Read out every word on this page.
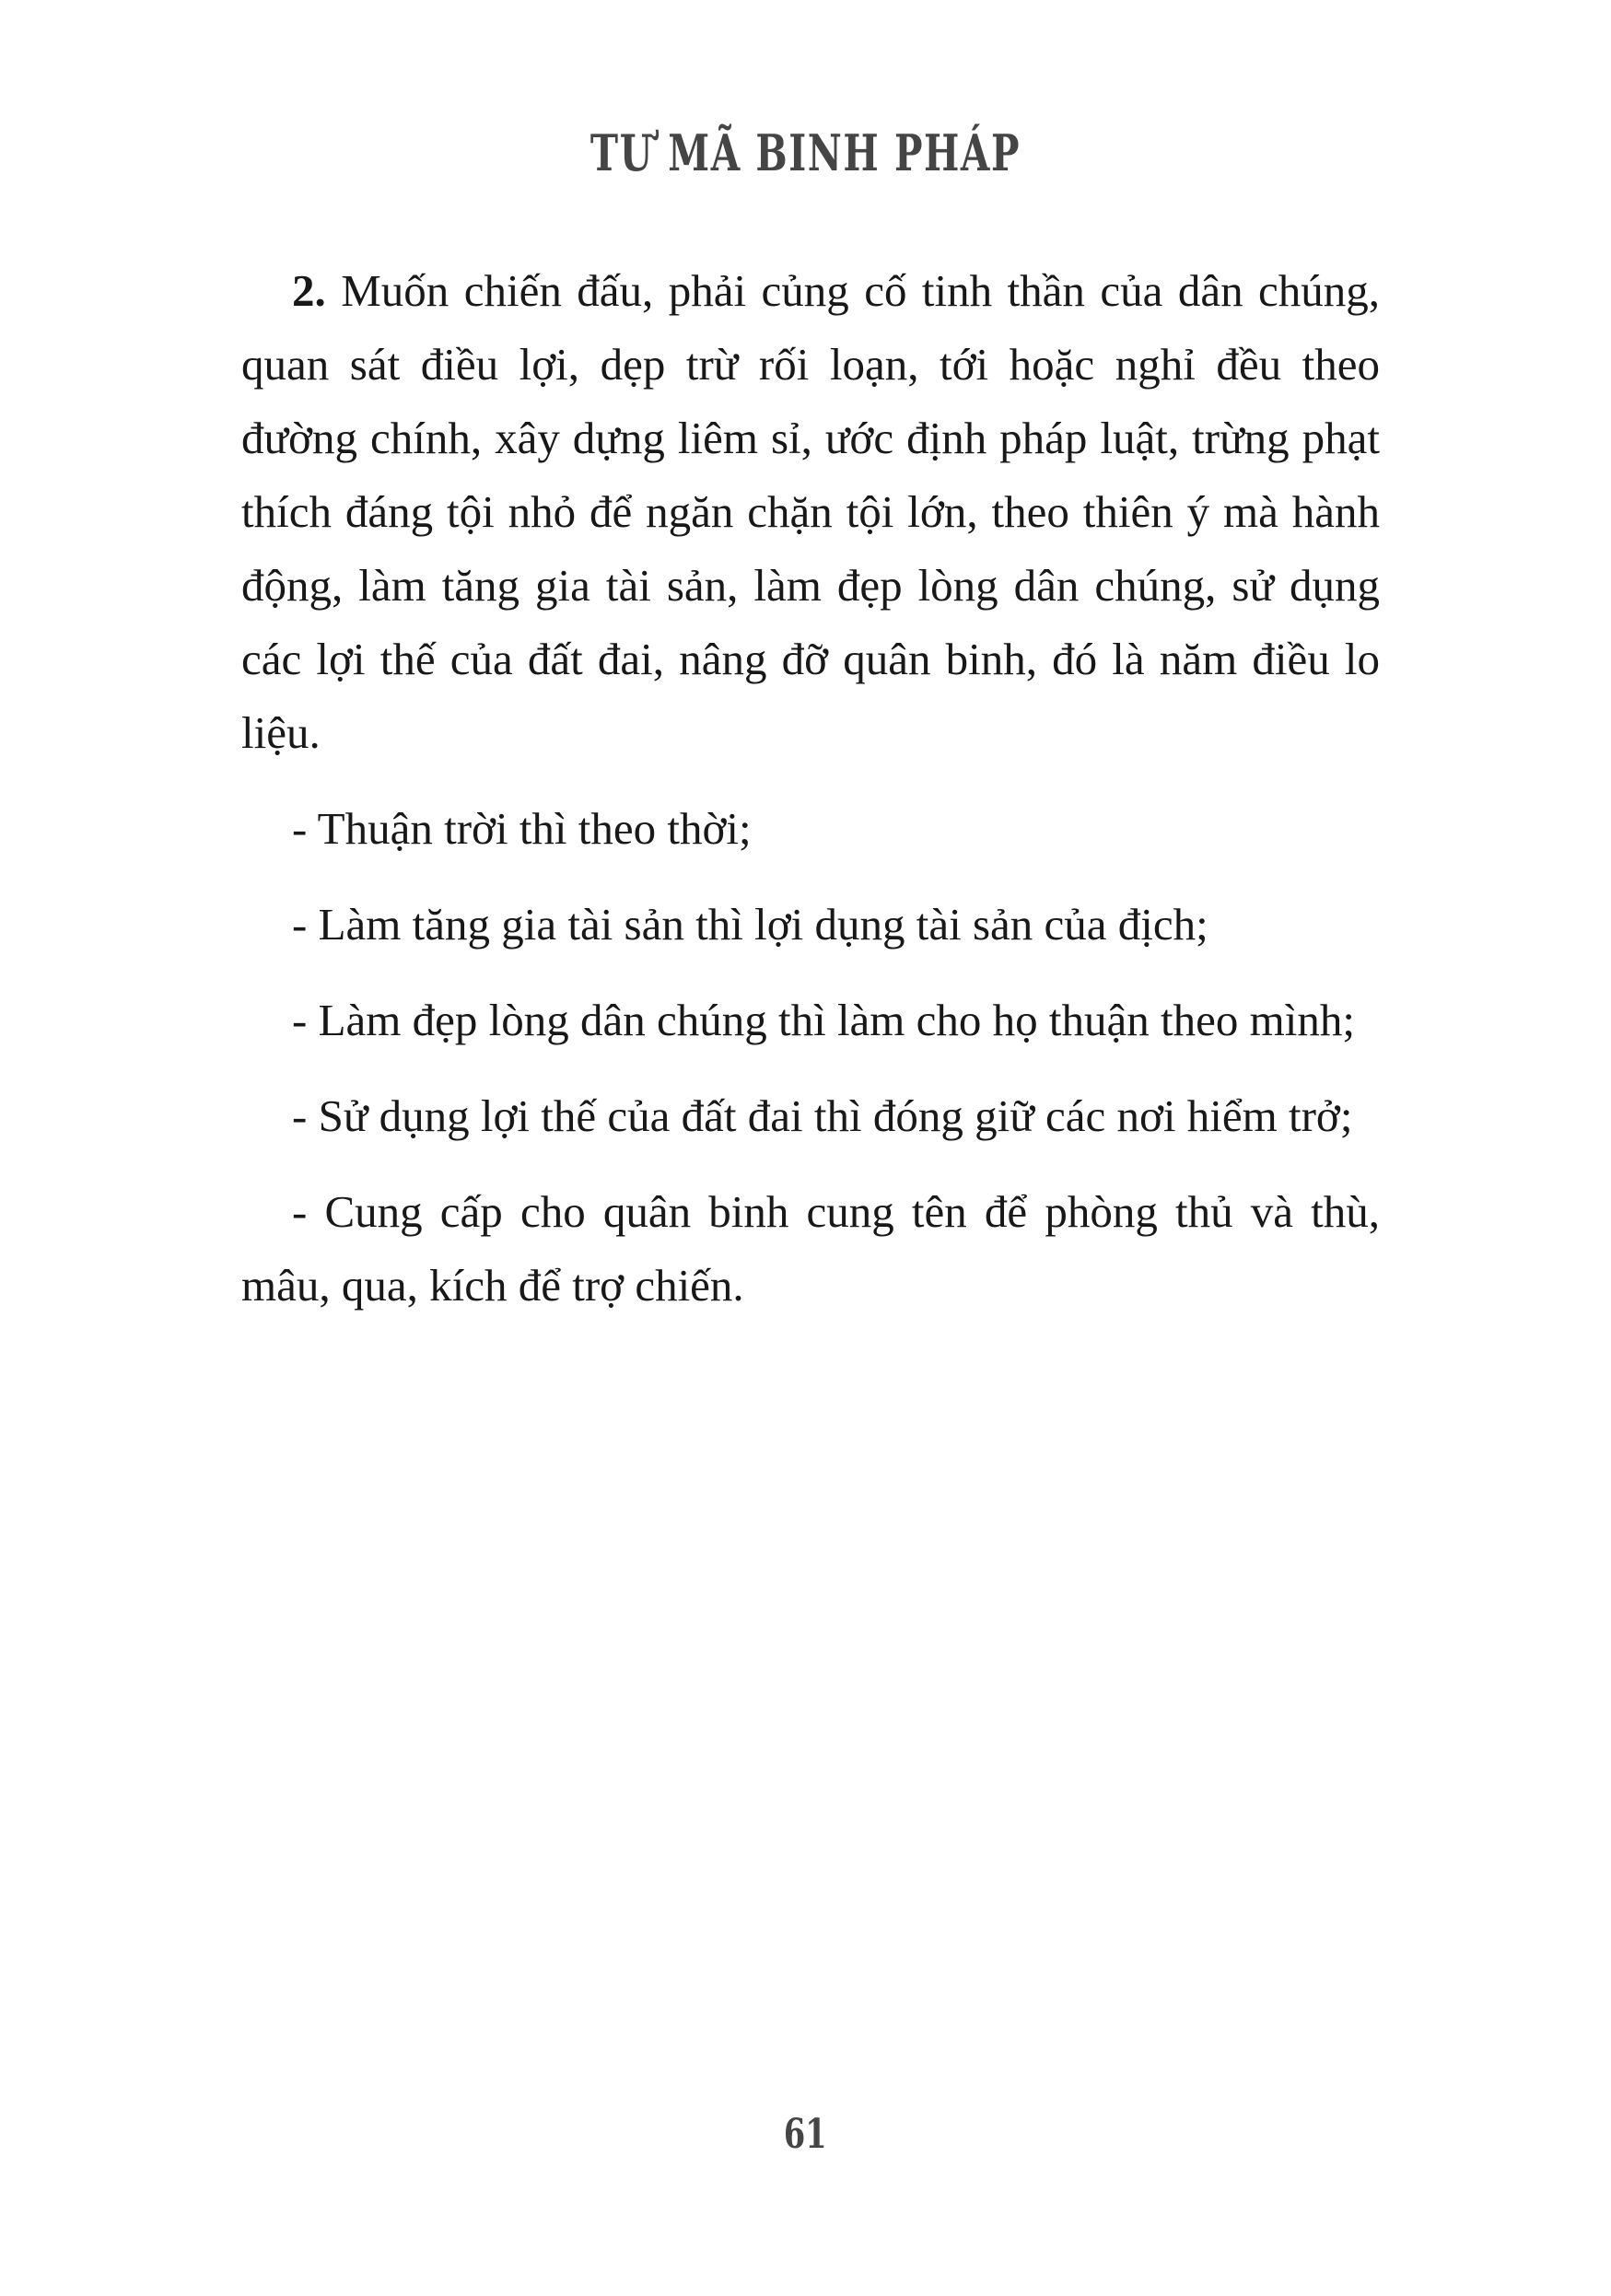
TƯ MÃ BINH PHÁP

2. Muốn chiến đấu, phải củng cố tinh thần của dân chúng, quan sát điều lợi, dẹp trừ rối loạn, tới hoặc nghỉ đều theo đường chính, xây dựng liêm sỉ, ước định pháp luật, trừng phạt thích đáng tội nhỏ để ngăn chặn tội lớn, theo thiên ý mà hành động, làm tăng gia tài sản, làm đẹp lòng dân chúng, sử dụng các lợi thế của đất đai, nâng đỡ quân binh, đó là năm điều lo liệu.

- Thuận trời thì theo thời;

- Làm tăng gia tài sản thì lợi dụng tài sản của địch;

- Làm đẹp lòng dân chúng thì làm cho họ thuận theo mình;

- Sử dụng lợi thế của đất đai thì đóng giữ các nơi hiểm trở;

- Cung cấp cho quân binh cung tên để phòng thủ và thù, mâu, qua, kích để trợ chiến.

61
